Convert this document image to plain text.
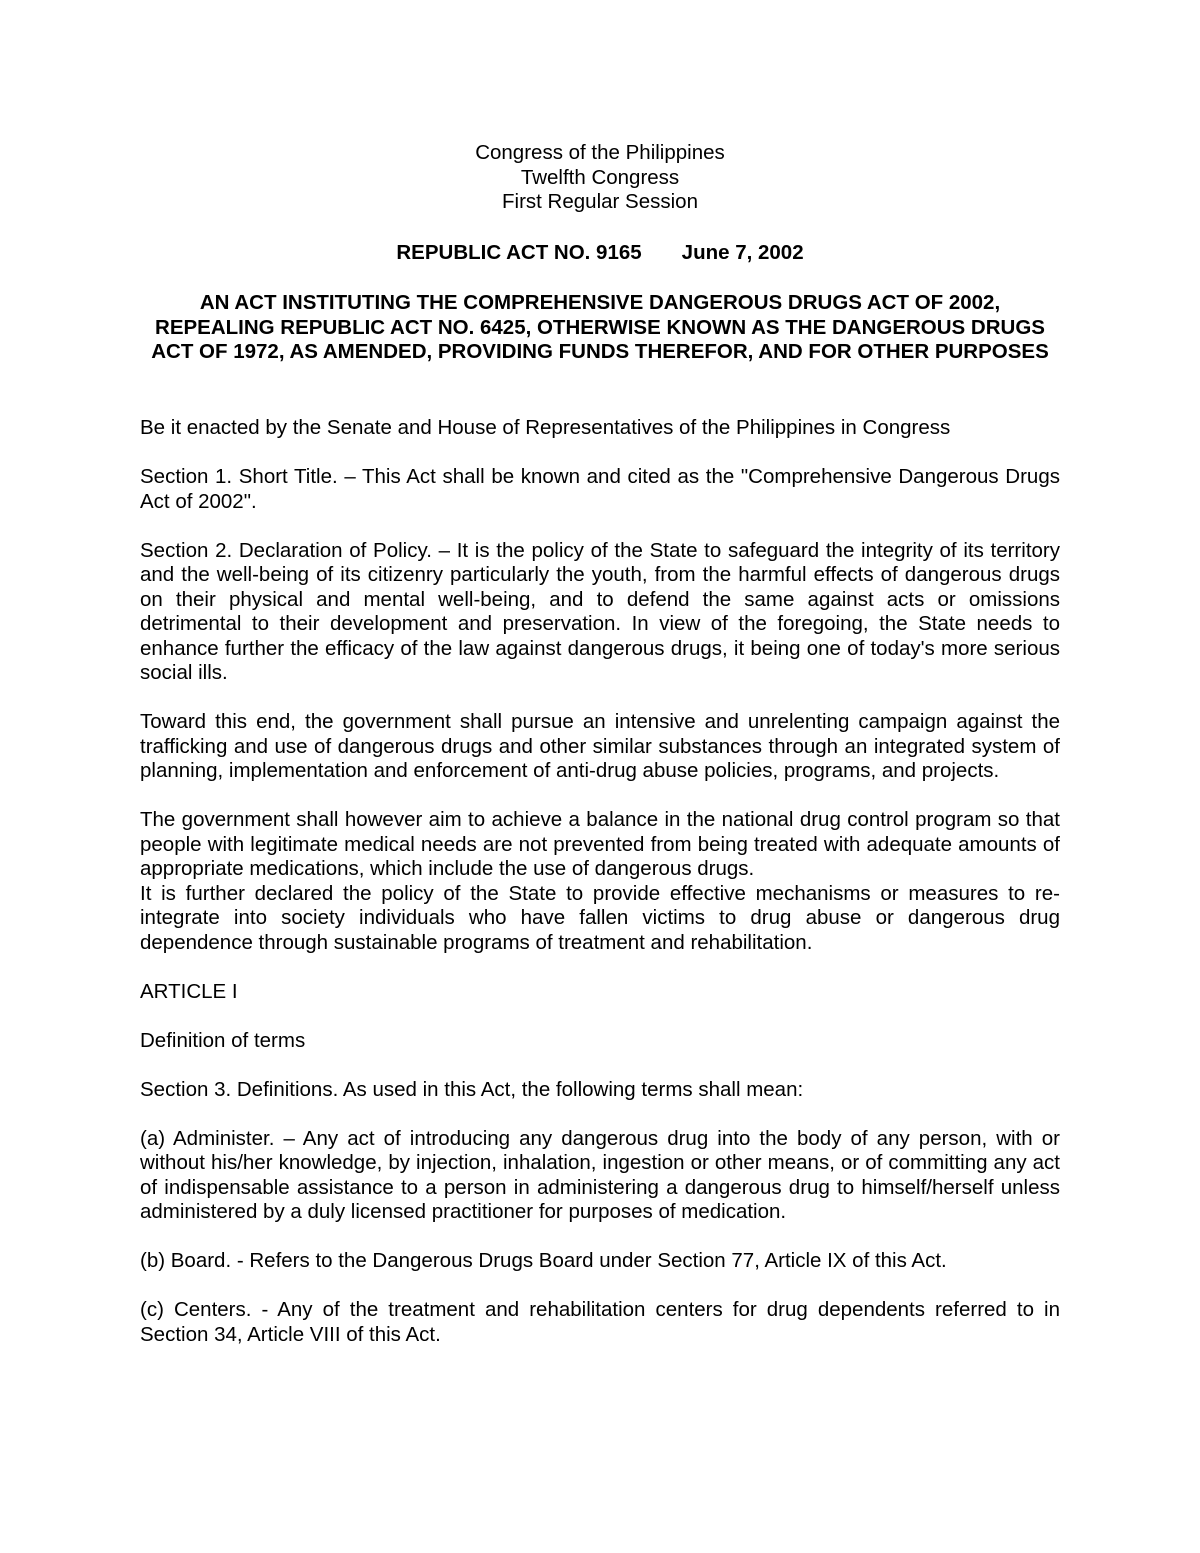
Congress of the Philippines
Twelfth Congress
First Regular Session
REPUBLIC ACT NO. 9165 June 7, 2002
AN ACT INSTITUTING THE COMPREHENSIVE DANGEROUS DRUGS ACT OF 2002, REPEALING REPUBLIC ACT NO. 6425, OTHERWISE KNOWN AS THE DANGEROUS DRUGS ACT OF 1972, AS AMENDED, PROVIDING FUNDS THEREFOR, AND FOR OTHER PURPOSES

Be it enacted by the Senate and House of Representatives of the Philippines in Congress

Section 1. Short Title. – This Act shall be known and cited as the "Comprehensive Dangerous Drugs Act of 2002".

Section 2. Declaration of Policy. – It is the policy of the State to safeguard the integrity of its territory and the well-being of its citizenry particularly the youth, from the harmful effects of dangerous drugs on their physical and mental well-being, and to defend the same against acts or omissions detrimental to their development and preservation. In view of the foregoing, the State needs to enhance further the efficacy of the law against dangerous drugs, it being one of today's more serious social ills.

Toward this end, the government shall pursue an intensive and unrelenting campaign against the trafficking and use of dangerous drugs and other similar substances through an integrated system of planning, implementation and enforcement of anti-drug abuse policies, programs, and projects.

The government shall however aim to achieve a balance in the national drug control program so that people with legitimate medical needs are not prevented from being treated with adequate amounts of appropriate medications, which include the use of dangerous drugs.

It is further declared the policy of the State to provide effective mechanisms or measures to re-integrate into society individuals who have fallen victims to drug abuse or dangerous drug dependence through sustainable programs of treatment and rehabilitation.

ARTICLE I

Definition of terms

Section 3. Definitions. As used in this Act, the following terms shall mean:

(a) Administer. – Any act of introducing any dangerous drug into the body of any person, with or without his/her knowledge, by injection, inhalation, ingestion or other means, or of committing any act of indispensable assistance to a person in administering a dangerous drug to himself/herself unless administered by a duly licensed practitioner for purposes of medication.

(b) Board. - Refers to the Dangerous Drugs Board under Section 77, Article IX of this Act.

(c) Centers. - Any of the treatment and rehabilitation centers for drug dependents referred to in Section 34, Article VIII of this Act.
